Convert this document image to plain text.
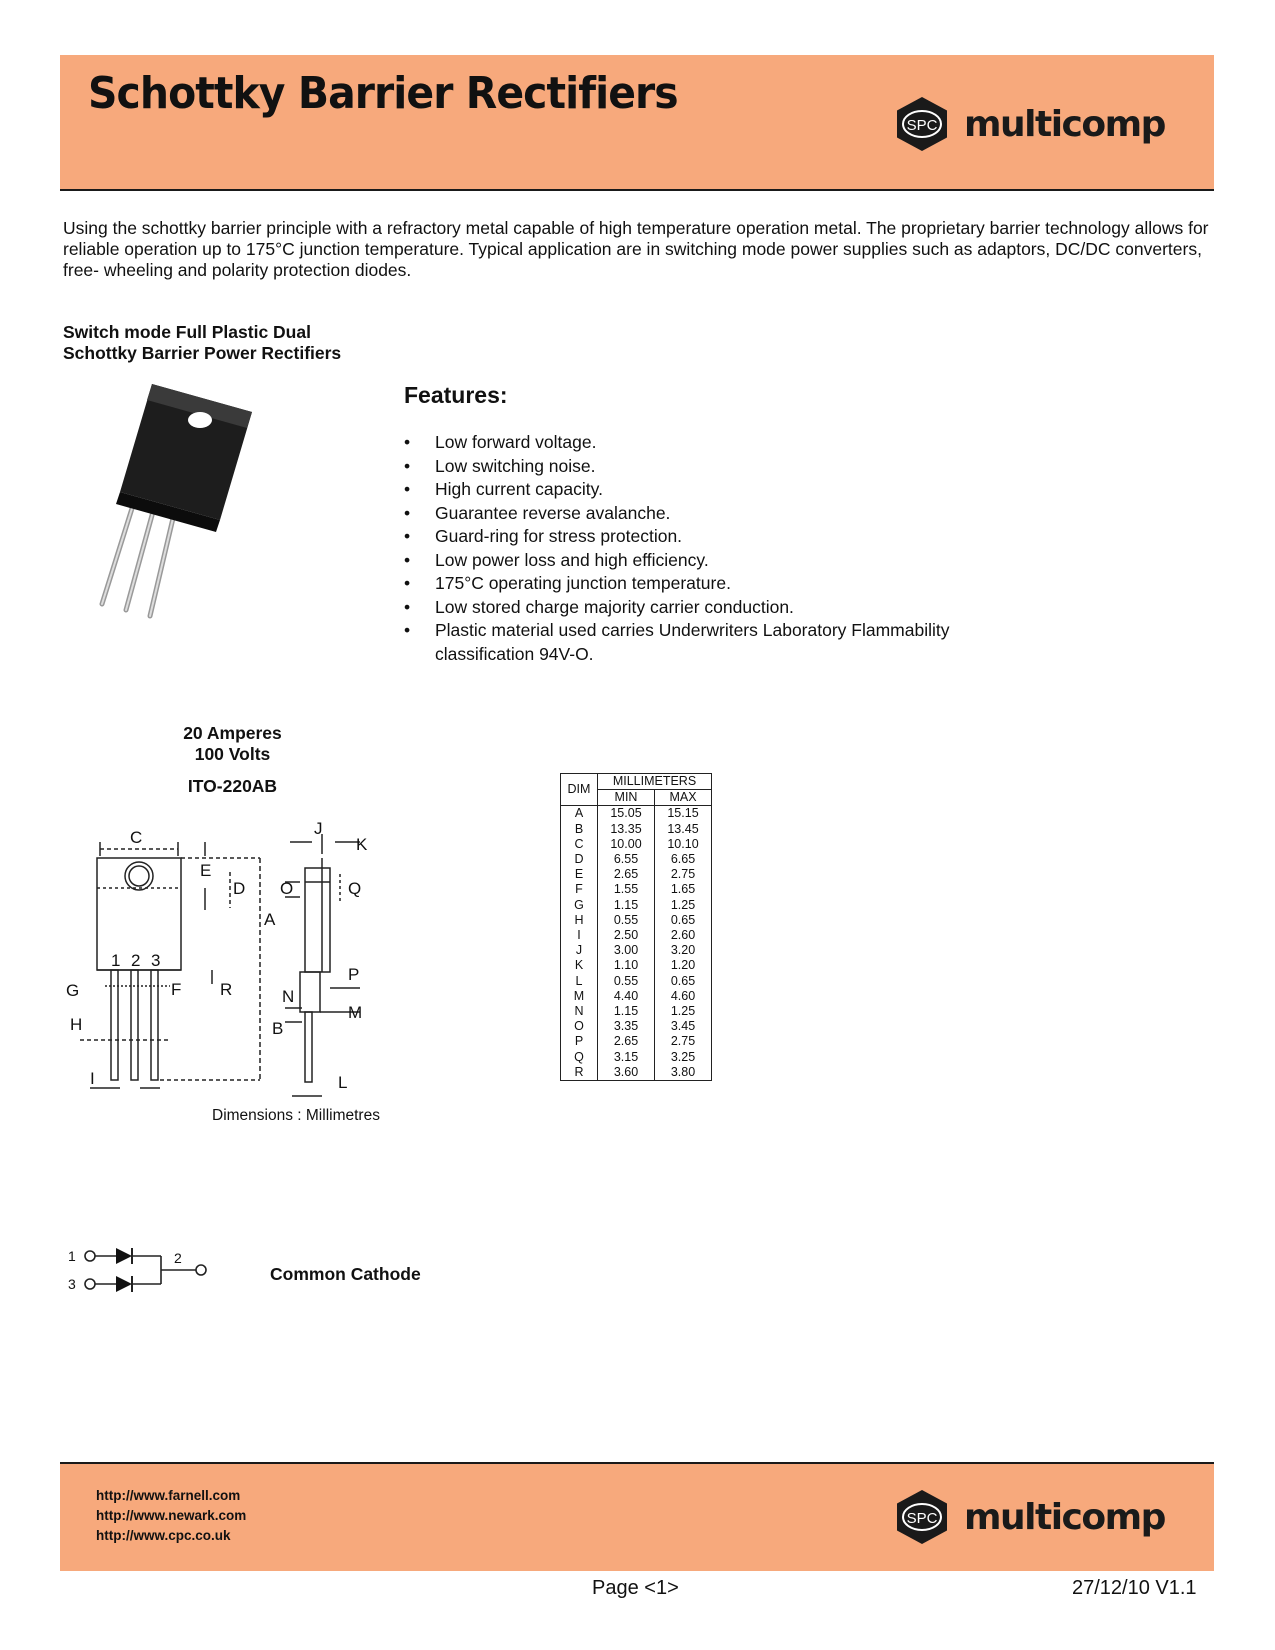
Schottky Barrier Rectifiers
SPC multicomp
Using the schottky barrier principle with a refractory metal capable of high temperature operation metal. The proprietary barrier technology allows for reliable operation up to 175°C junction temperature. Typical application are in switching mode power supplies such as adaptors, DC/DC converters, free- wheeling and polarity protection diodes.
Switch mode Full Plastic Dual
Schottky Barrier Power Rectifiers
Features:
• Low forward voltage.
• Low switching noise.
• High current capacity.
• Guarantee reverse avalanche.
• Guard-ring for stress protection.
• Low power loss and high efficiency.
• 175°C operating junction temperature.
• Low stored charge majority carrier conduction.
• Plastic material used carries Underwriters Laboratory Flammability classification 94V-O.
20 Amperes
100 Volts
ITO-220AB
C	J
K
E
D O	Q
A
1 2 3
G	F R	N
P
M
H	B
I	L
Dimensions : Millimetres
DIM	MILLIMETERS	
	MIN	MAX
A	15.05	15.15
B	13.35	13.45
C	10.00	10.10
D	6.55	6.65
E	2.65	2.75
F	1.55	1.65
G	1.15	1.25
H	0.55	0.65
I	2.50	2.60
J	3.00	3.20
K	1.10	1.20
L	0.55	0.65
M	4.40	4.60
N	1.15	1.25
O	3.35	3.45
P	2.65	2.75
Q	3.15	3.25
R	3.60	3.80
1
3
2
Common Cathode
http://www.farnell.com
http://www.newark.com
http://www.cpc.co.uk
SPC multicomp
Page <1>	27/12/10 V1.1
